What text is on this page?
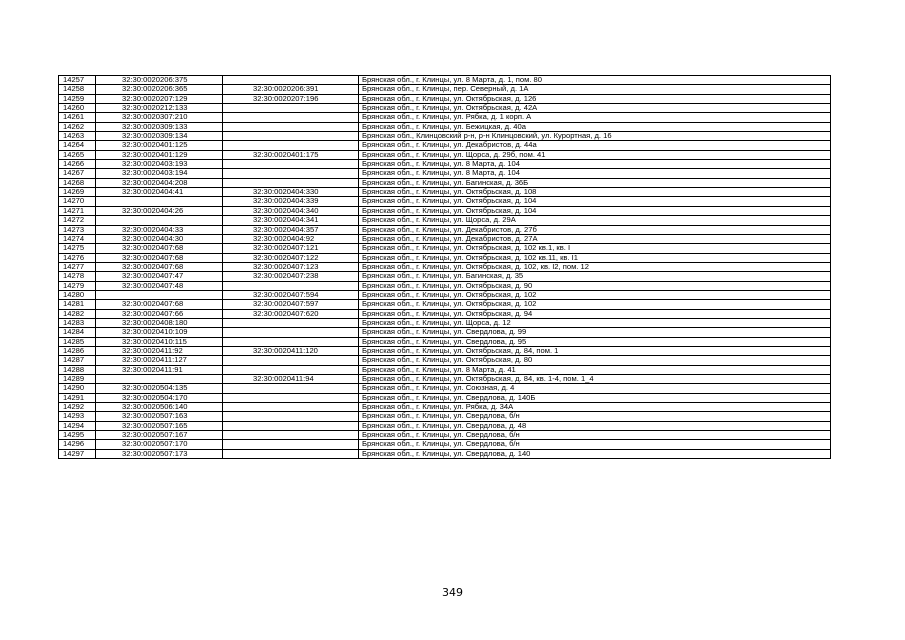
14257	32:30:0020206:375		Брянская обл., г. Клинцы, ул. 8 Марта, д. 1, пом. 80
14258	32:30:0020206:365	32:30:0020206:391	Брянская обл., г. Клинцы, пер. Северный, д. 1А
14259	32:30:0020207:129	32:30:0020207:196	Брянская обл., г. Клинцы, ул. Октябрьская, д. 126
14260	32:30:0020212:133		Брянская обл., г. Клинцы, ул. Октябрьская, д. 42А
14261	32:30:0020307:210		Брянская обл., г. Клинцы, ул. Рябка, д. 1 корп. А
14262	32:30:0020309:133		Брянская обл., г. Клинцы, ул. Бежицкая, д. 40а
14263	32:30:0020309:134		Брянская обл., Клинцовский р-н, р-н Клинцовский, ул. Курортная, д. 16
14264	32:30:0020401:125		Брянская обл., г. Клинцы, ул. Декабристов, д. 44а
14265	32:30:0020401:129	32:30:0020401:175	Брянская обл., г. Клинцы, ул. Щорса, д. 29б, пом. 41
14266	32:30:0020403:193		Брянская обл., г. Клинцы, ул. 8 Марта, д. 104
14267	32:30:0020403:194		Брянская обл., г. Клинцы, ул. 8 Марта, д. 104
14268	32:30:0020404:208		Брянская обл., г. Клинцы, ул. Багинская, д. 36Б
14269	32:30:0020404:41	32:30:0020404:330	Брянская обл., г. Клинцы, ул. Октябрьская, д. 108
14270		32:30:0020404:339	Брянская обл., г. Клинцы, ул. Октябрьская, д. 104
14271	32:30:0020404:26	32:30:0020404:340	Брянская обл., г. Клинцы, ул. Октябрьская, д. 104
14272		32:30:0020404:341	Брянская обл., г. Клинцы, ул. Щорса, д. 29А
14273	32:30:0020404:33	32:30:0020404:357	Брянская обл., г. Клинцы, ул. Декабристов, д. 27б
14274	32:30:0020404:30	32:30:0020404:92	Брянская обл., г. Клинцы, ул. Декабристов, д. 27А
14275	32:30:0020407:68	32:30:0020407:121	Брянская обл., г. Клинцы, ул. Октябрьская, д. 102 кв.1, кв. I
14276	32:30:0020407:68	32:30:0020407:122	Брянская обл., г. Клинцы, ул. Октябрьская, д. 102 кв.11, кв. I1
14277	32:30:0020407:68	32:30:0020407:123	Брянская обл., г. Клинцы, ул. Октябрьская, д. 102, кв. I2, пом. 12
14278	32:30:0020407:47	32:30:0020407:238	Брянская обл., г. Клинцы, ул. Багинская, д. 35
14279	32:30:0020407:48		Брянская обл., г. Клинцы, ул. Октябрьская, д. 90
14280		32:30:0020407:594	Брянская обл., г. Клинцы, ул. Октябрьская, д. 102
14281	32:30:0020407:68	32:30:0020407:597	Брянская обл., г. Клинцы, ул. Октябрьская, д. 102
14282	32:30:0020407:66	32:30:0020407:620	Брянская обл., г. Клинцы, ул. Октябрьская, д. 94
14283	32:30:0020408:180		Брянская обл., г. Клинцы, ул. Щорса, д. 12
14284	32:30:0020410:109		Брянская обл., г. Клинцы, ул. Свердлова, д. 99
14285	32:30:0020410:115		Брянская обл., г. Клинцы, ул. Свердлова, д. 95
14286	32:30:0020411:92	32:30:0020411:120	Брянская обл., г. Клинцы, ул. Октябрьская, д. 84, пом. 1
14287	32:30:0020411:127		Брянская обл., г. Клинцы, ул. Октябрьская, д. 80
14288	32:30:0020411:91		Брянская обл., г. Клинцы, ул. 8 Марта, д. 41
14289		32:30:0020411:94	Брянская обл., г. Клинцы, ул. Октябрьская, д. 84, кв. 1-4, пом. 1_4
14290	32:30:0020504:135		Брянская обл., г. Клинцы, ул. Союзная, д. 4
14291	32:30:0020504:170		Брянская обл., г. Клинцы, ул. Свердлова, д. 140Б
14292	32:30:0020506:140		Брянская обл., г. Клинцы, ул. Рябка, д. 34А
14293	32:30:0020507:163		Брянская обл., г. Клинцы, ул. Свердлова, б/н
14294	32:30:0020507:165		Брянская обл., г. Клинцы, ул. Свердлова, д. 48
14295	32:30:0020507:167		Брянская обл., г. Клинцы, ул. Свердлова, б/н
14296	32:30:0020507:170		Брянская обл., г. Клинцы, ул. Свердлова, б/н
14297	32:30:0020507:173		Брянская обл., г. Клинцы, ул. Свердлова, д. 140
349
